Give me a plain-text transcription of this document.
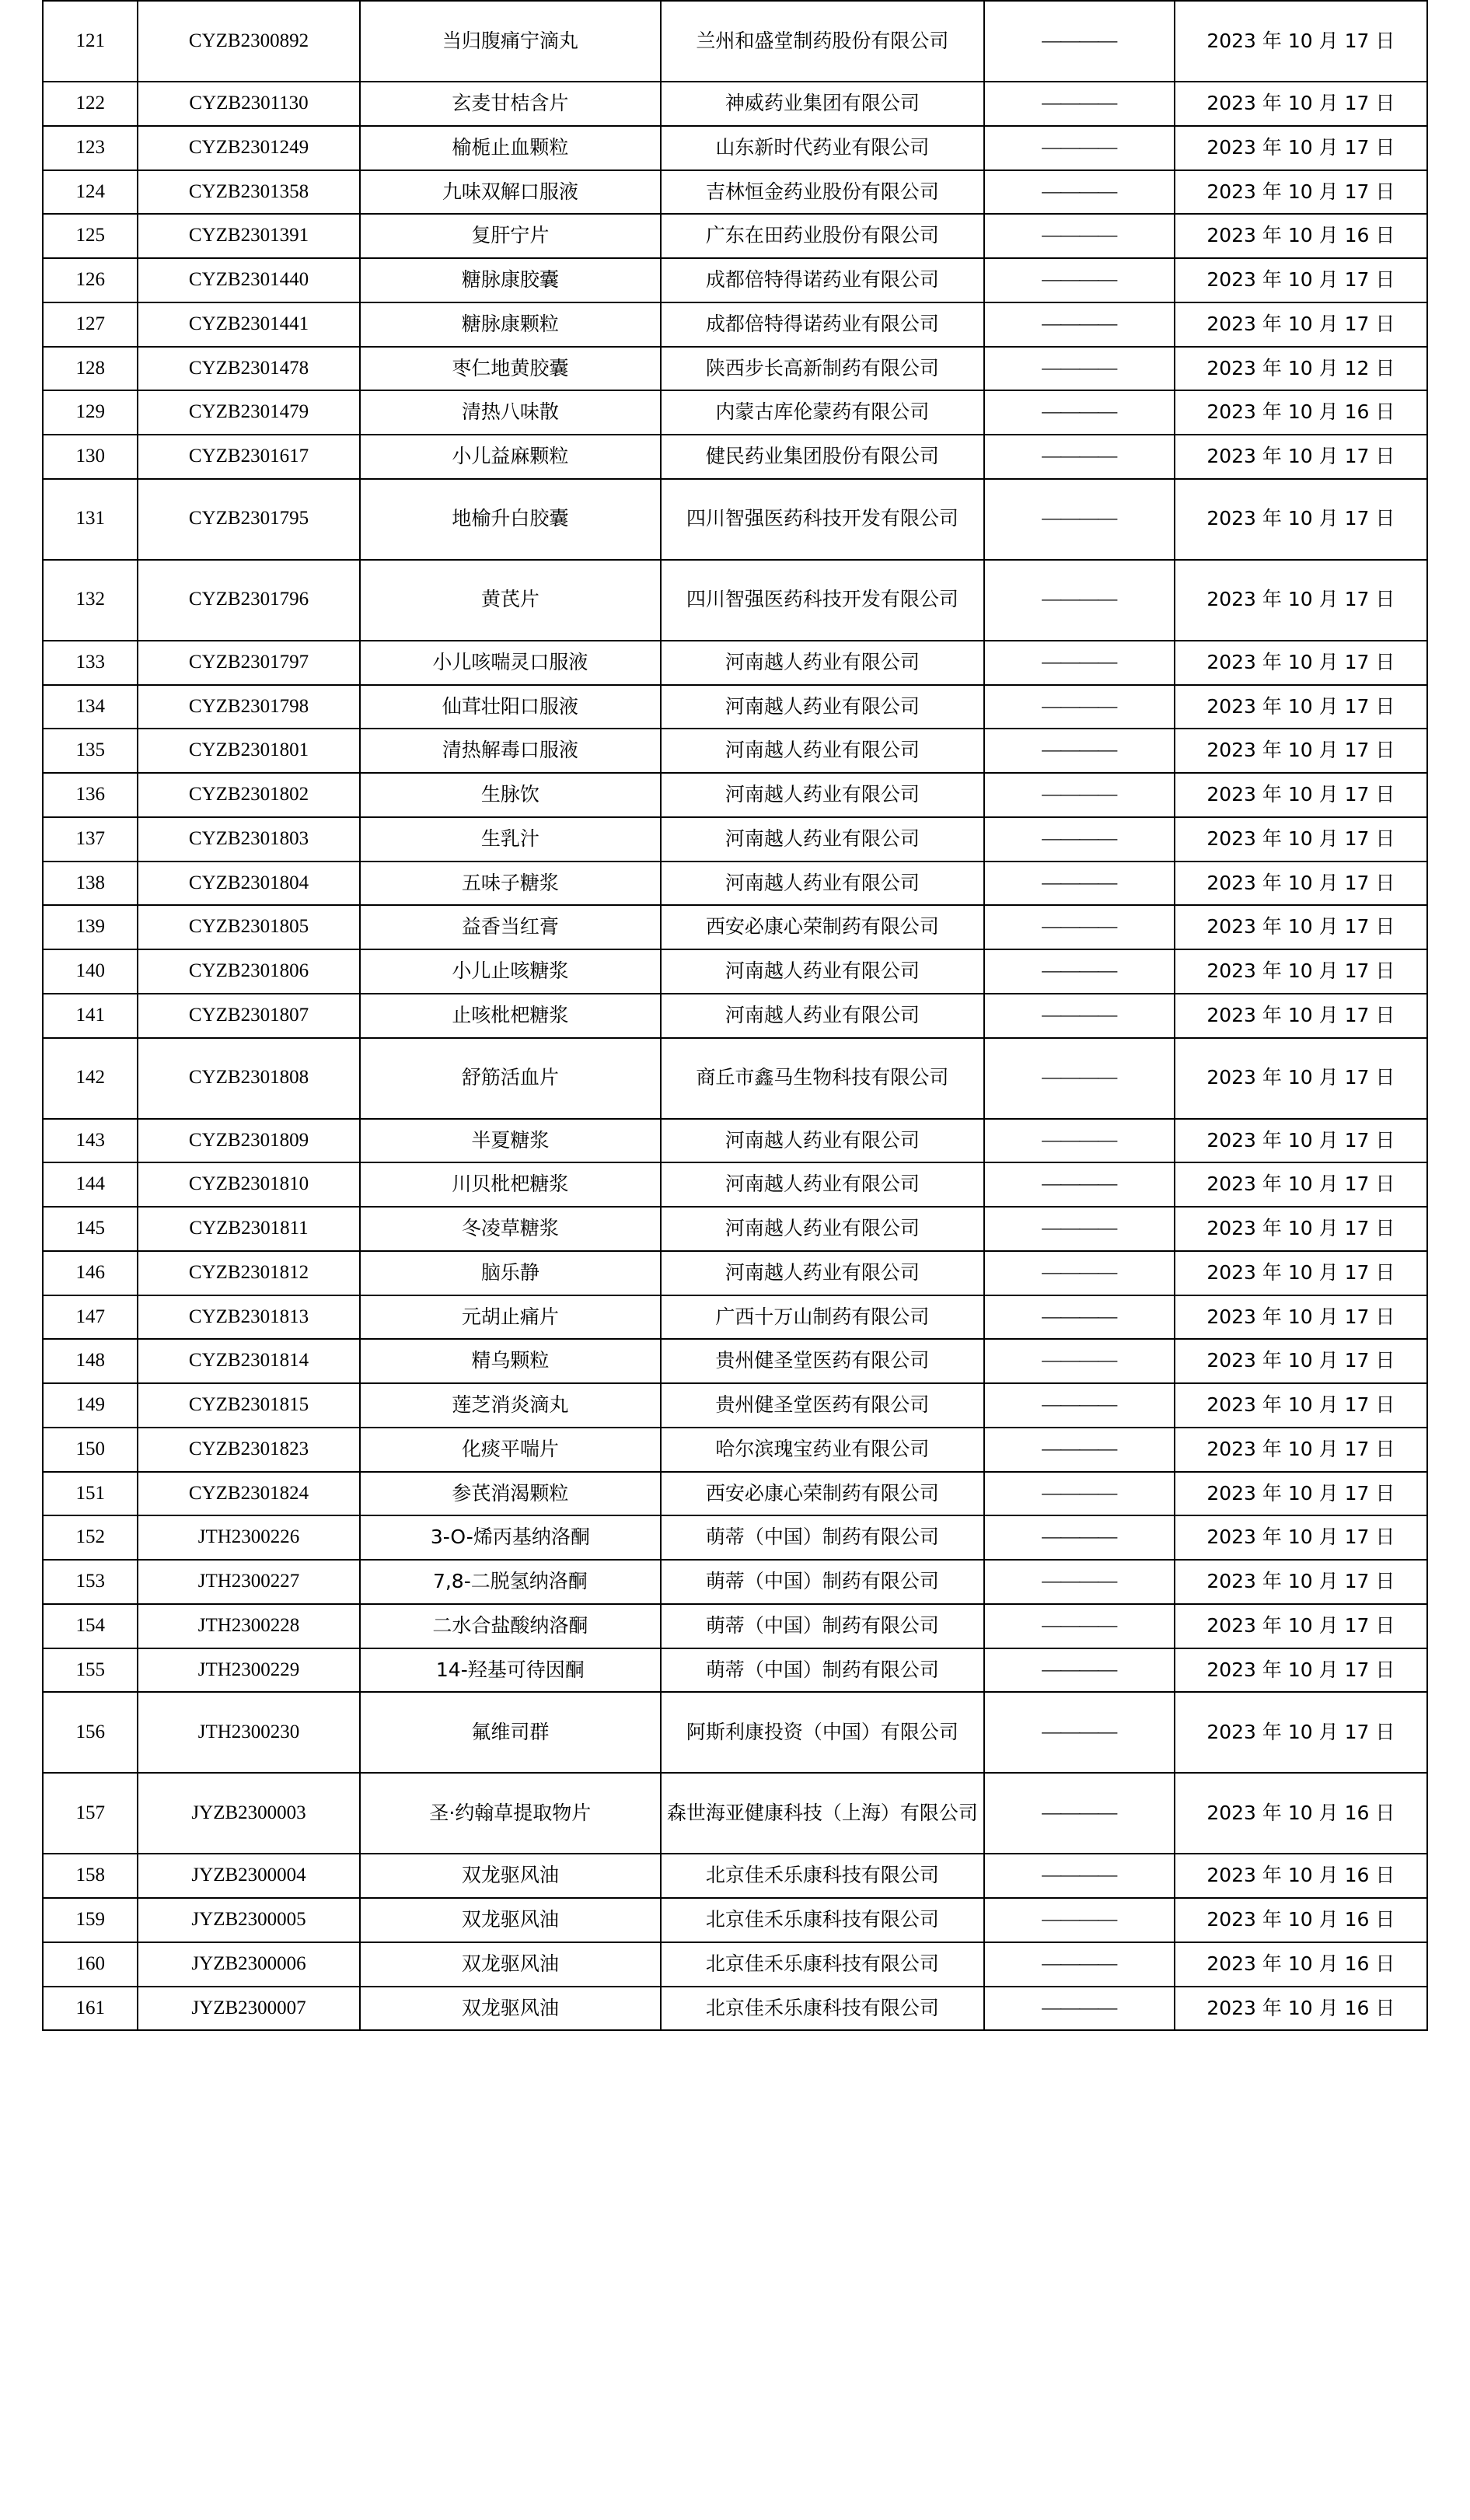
121	CYZB2300892	当归腹痛宁滴丸	兰州和盛堂制药股份有限公司	————	2023 年 10 月 17 日
122	CYZB2301130	玄麦甘桔含片	神威药业集团有限公司	————	2023 年 10 月 17 日
123	CYZB2301249	榆栀止血颗粒	山东新时代药业有限公司	————	2023 年 10 月 17 日
124	CYZB2301358	九味双解口服液	吉林恒金药业股份有限公司	————	2023 年 10 月 17 日
125	CYZB2301391	复肝宁片	广东在田药业股份有限公司	————	2023 年 10 月 16 日
126	CYZB2301440	糖脉康胶囊	成都倍特得诺药业有限公司	————	2023 年 10 月 17 日
127	CYZB2301441	糖脉康颗粒	成都倍特得诺药业有限公司	————	2023 年 10 月 17 日
128	CYZB2301478	枣仁地黄胶囊	陕西步长高新制药有限公司	————	2023 年 10 月 12 日
129	CYZB2301479	清热八味散	内蒙古库伦蒙药有限公司	————	2023 年 10 月 16 日
130	CYZB2301617	小儿益麻颗粒	健民药业集团股份有限公司	————	2023 年 10 月 17 日
131	CYZB2301795	地榆升白胶囊	四川智强医药科技开发有限公司	————	2023 年 10 月 17 日
132	CYZB2301796	黄芪片	四川智强医药科技开发有限公司	————	2023 年 10 月 17 日
133	CYZB2301797	小儿咳喘灵口服液	河南越人药业有限公司	————	2023 年 10 月 17 日
134	CYZB2301798	仙茸壮阳口服液	河南越人药业有限公司	————	2023 年 10 月 17 日
135	CYZB2301801	清热解毒口服液	河南越人药业有限公司	————	2023 年 10 月 17 日
136	CYZB2301802	生脉饮	河南越人药业有限公司	————	2023 年 10 月 17 日
137	CYZB2301803	生乳汁	河南越人药业有限公司	————	2023 年 10 月 17 日
138	CYZB2301804	五味子糖浆	河南越人药业有限公司	————	2023 年 10 月 17 日
139	CYZB2301805	益香当红膏	西安必康心荣制药有限公司	————	2023 年 10 月 17 日
140	CYZB2301806	小儿止咳糖浆	河南越人药业有限公司	————	2023 年 10 月 17 日
141	CYZB2301807	止咳枇杷糖浆	河南越人药业有限公司	————	2023 年 10 月 17 日
142	CYZB2301808	舒筋活血片	商丘市鑫马生物科技有限公司	————	2023 年 10 月 17 日
143	CYZB2301809	半夏糖浆	河南越人药业有限公司	————	2023 年 10 月 17 日
144	CYZB2301810	川贝枇杷糖浆	河南越人药业有限公司	————	2023 年 10 月 17 日
145	CYZB2301811	冬凌草糖浆	河南越人药业有限公司	————	2023 年 10 月 17 日
146	CYZB2301812	脑乐静	河南越人药业有限公司	————	2023 年 10 月 17 日
147	CYZB2301813	元胡止痛片	广西十万山制药有限公司	————	2023 年 10 月 17 日
148	CYZB2301814	精乌颗粒	贵州健圣堂医药有限公司	————	2023 年 10 月 17 日
149	CYZB2301815	莲芝消炎滴丸	贵州健圣堂医药有限公司	————	2023 年 10 月 17 日
150	CYZB2301823	化痰平喘片	哈尔滨瑰宝药业有限公司	————	2023 年 10 月 17 日
151	CYZB2301824	参芪消渴颗粒	西安必康心荣制药有限公司	————	2023 年 10 月 17 日
152	JTH2300226	3-O-烯丙基纳洛酮	萌蒂（中国）制药有限公司	————	2023 年 10 月 17 日
153	JTH2300227	7,8-二脱氢纳洛酮	萌蒂（中国）制药有限公司	————	2023 年 10 月 17 日
154	JTH2300228	二水合盐酸纳洛酮	萌蒂（中国）制药有限公司	————	2023 年 10 月 17 日
155	JTH2300229	14-羟基可待因酮	萌蒂（中国）制药有限公司	————	2023 年 10 月 17 日
156	JTH2300230	氟维司群	阿斯利康投资（中国）有限公司	————	2023 年 10 月 17 日
157	JYZB2300003	圣·约翰草提取物片	森世海亚健康科技（上海）有限公司	————	2023 年 10 月 16 日
158	JYZB2300004	双龙驱风油	北京佳禾乐康科技有限公司	————	2023 年 10 月 16 日
159	JYZB2300005	双龙驱风油	北京佳禾乐康科技有限公司	————	2023 年 10 月 16 日
160	JYZB2300006	双龙驱风油	北京佳禾乐康科技有限公司	————	2023 年 10 月 16 日
161	JYZB2300007	双龙驱风油	北京佳禾乐康科技有限公司	————	2023 年 10 月 16 日
